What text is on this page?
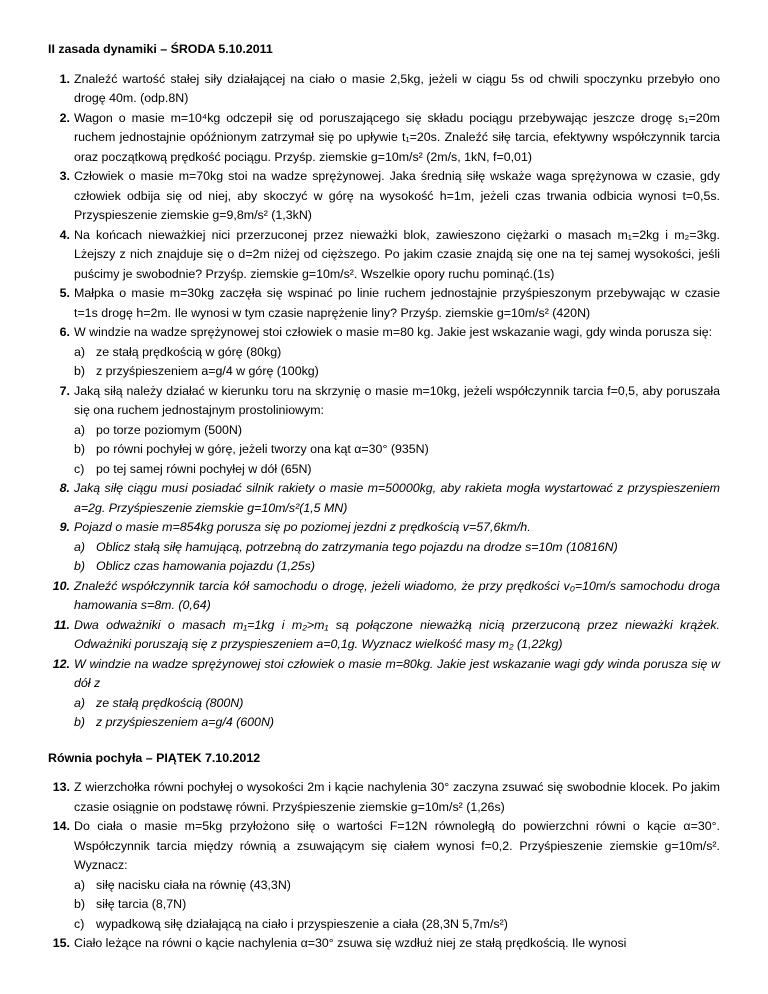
II zasada dynamiki – ŚRODA 5.10.2011
1. Znaleźć wartość stałej siły działającej na ciało o masie 2,5kg, jeżeli w ciągu 5s od chwili spoczynku przebyło ono drogę 40m. (odp.8N)
2. Wagon o masie m=10⁴kg odczepił się od poruszającego się składu pociągu przebywając jeszcze drogę s₁=20m ruchem jednostajnie opóźnionym zatrzymał się po upływie t₁=20s. Znaleźć siłę tarcia, efektywny współczynnik tarcia oraz początkową prędkość pociągu. Przyśp. ziemskie g=10m/s² (2m/s, 1kN, f=0,01)
3. Człowiek o masie m=70kg stoi na wadze sprężynowej. Jaka średnią siłę wskaże waga sprężynowa w czasie, gdy człowiek odbija się od niej, aby skoczyć w górę na wysokość h=1m, jeżeli czas trwania odbicia wynosi t=0,5s. Przyspieszenie ziemskie g=9,8m/s² (1,3kN)
4. Na końcach nieważkiej nici przerzuconej przez nieważki blok, zawieszono ciężarki o masach m₁=2kg i m₂=3kg. Lżejszy z nich znajduje się o d=2m niżej od cięższego. Po jakim czasie znajdą się one na tej samej wysokości, jeśli puścimy je swobodnie? Przyśp. ziemskie g=10m/s². Wszelkie opory ruchu pominąć.(1s)
5. Małpka o masie m=30kg zaczęła się wspinać po linie ruchem jednostajnie przyśpieszonym przebywając w czasie t=1s drogę h=2m. Ile wynosi w tym czasie naprężenie liny? Przyśp. ziemskie g=10m/s² (420N)
6. W windzie na wadze sprężynowej stoi człowiek o masie m=80 kg. Jakie jest wskazanie wagi, gdy winda porusza się:
a) ze stałą prędkością w górę (80kg)
b) z przyśpieszeniem a=g/4 w górę (100kg)
7. Jaką siłą należy działać w kierunku toru na skrzynię o masie m=10kg, jeżeli współczynnik tarcia f=0,5, aby poruszała się ona ruchem jednostajnym prostoliniowym:
a) po torze poziomym (500N)
b) po równi pochyłej w górę, jeżeli tworzy ona kąt α=30° (935N)
c) po tej samej równi pochyłej w dół (65N)
8. Jaką siłę ciągu musi posiadać silnik rakiety o masie m=50000kg, aby rakieta mogła wystartować z przyspieszeniem a=2g. Przyśpieszenie ziemskie g=10m/s²(1,5 MN)
9. Pojazd o masie m=854kg porusza się po poziomej jezdni z prędkością v=57,6km/h.
a) Oblicz stałą siłę hamującą, potrzebną do zatrzymania tego pojazdu na drodze s=10m (10816N)
b) Oblicz czas hamowania pojazdu (1,25s)
10. Znaleźć współczynnik tarcia kół samochodu o drogę, jeżeli wiadomo, że przy prędkości v₀=10m/s samochodu droga hamowania s=8m. (0,64)
11. Dwa odważniki o masach m₁=1kg i m₂>m₁ są połączone nieważką nicią przerzuconą przez nieważki krążek. Odważniki poruszają się z przyspieszeniem a=0,1g. Wyznacz wielkość masy m₂ (1,22kg)
12. W windzie na wadze sprężynowej stoi człowiek o masie m=80kg. Jakie jest wskazanie wagi gdy winda porusza się w dół z
a) ze stałą prędkością (800N)
b) z przyśpieszeniem a=g/4 (600N)
Równia pochyła – PIĄTEK 7.10.2012
13. Z wierzchołka równi pochyłej o wysokości 2m i kącie nachylenia 30° zaczyna zsuwać się swobodnie klocek. Po jakim czasie osiągnie on podstawę równi. Przyśpieszenie ziemskie g=10m/s² (1,26s)
14. Do ciała o masie m=5kg przyłożono siłę o wartości F=12N równoległą do powierzchni równi o kącie α=30°. Współczynnik tarcia między równią a zsuwającym się ciałem wynosi f=0,2. Przyśpieszenie ziemskie g=10m/s². Wyznacz:
a) siłę nacisku ciała na równię (43,3N)
b) siłę tarcia (8,7N)
c) wypadkową siłę działającą na ciało i przyspieszenie a ciała (28,3N 5,7m/s²)
15. Ciało leżące na równi o kącie nachylenia α=30° zsuwa się wzdłuż niej ze stałą prędkością. Ile wynosi
